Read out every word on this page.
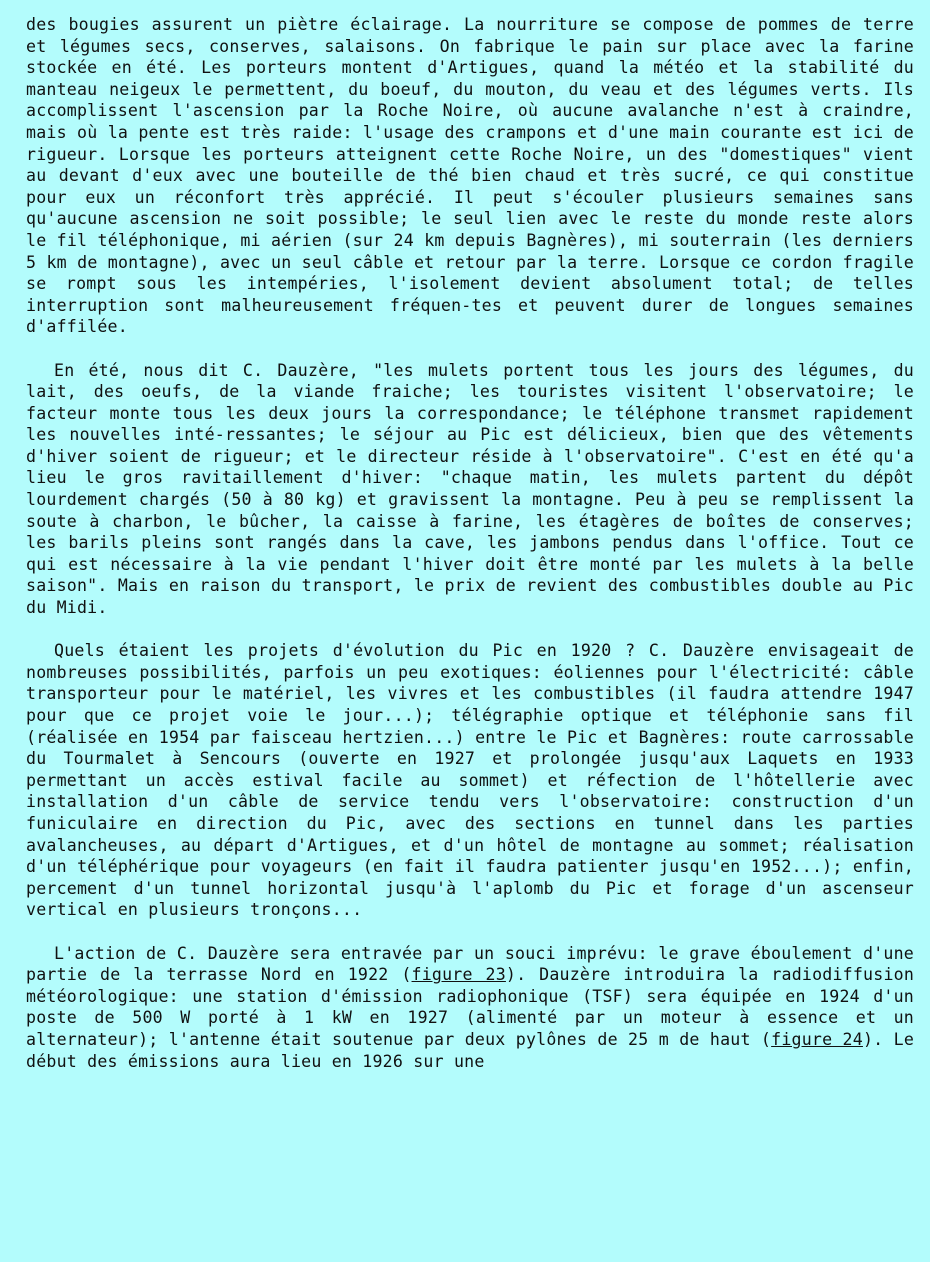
des bougies assurent un piètre éclairage. La nourriture se compose de pommes de terre et légumes secs, conserves, salaisons. On fabrique le pain sur place avec la farine stockée en été. Les porteurs montent d'Artigues, quand la météo et la stabilité du manteau neigeux le permettent, du boeuf, du mouton, du veau et des légumes verts. Ils accomplissent l'ascension par la Roche Noire, où aucune avalanche n'est à craindre, mais où la pente est très raide: l'usage des crampons et d'une main courante est ici de rigueur. Lorsque les porteurs atteignent cette Roche Noire, un des "domestiques" vient au devant d'eux avec une bouteille de thé bien chaud et très sucré, ce qui constitue pour eux un réconfort très apprécié. Il peut s'écouler plusieurs semaines sans qu'aucune ascension ne soit possible; le seul lien avec le reste du monde reste alors le fil téléphonique, mi aérien (sur 24 km depuis Bagnères), mi souterrain (les derniers 5 km de montagne), avec un seul câble et retour par la terre. Lorsque ce cordon fragile se rompt sous les intempéries, l'isolement devient absolument total; de telles interruption sont malheureusement fréquen-tes et peuvent durer de longues semaines d'affilée.

En été, nous dit C. Dauzère, "les mulets portent tous les jours des légumes, du lait, des oeufs, de la viande fraiche; les touristes visitent l'observatoire; le facteur monte tous les deux jours la correspondance; le téléphone transmet rapidement les nouvelles inté-ressantes; le séjour au Pic est délicieux, bien que des vêtements d'hiver soient de rigueur; et le directeur réside à l'observatoire". C'est en été qu'a lieu le gros ravitaillement d'hiver: "chaque matin, les mulets partent du dépôt lourdement chargés (50 à 80 kg) et gravissent la montagne. Peu à peu se remplissent la soute à charbon, le bûcher, la caisse à farine, les étagères de boîtes de conserves; les barils pleins sont rangés dans la cave, les jambons pendus dans l'office. Tout ce qui est nécessaire à la vie pendant l'hiver doit être monté par les mulets à la belle saison". Mais en raison du transport, le prix de revient des combustibles double au Pic du Midi.

Quels étaient les projets d'évolution du Pic en 1920 ? C. Dauzère envisageait de nombreuses possibilités, parfois un peu exotiques: éoliennes pour l'électricité: câble transporteur pour le matériel, les vivres et les combustibles (il faudra attendre 1947 pour que ce projet voie le jour...); télégraphie optique et téléphonie sans fil (réalisée en 1954 par faisceau hertzien...) entre le Pic et Bagnères: route carrossable du Tourmalet à Sencours (ouverte en 1927 et prolongée jusqu'aux Laquets en 1933 permettant un accès estival facile au sommet) et réfection de l'hôtellerie avec installation d'un câble de service tendu vers l'observatoire: construction d'un funiculaire en direction du Pic, avec des sections en tunnel dans les parties avalancheuses, au départ d'Artigues, et d'un hôtel de montagne au sommet; réalisation d'un téléphérique pour voyageurs (en fait il faudra patienter jusqu'en 1952...); enfin, percement d'un tunnel horizontal jusqu'à l'aplomb du Pic et forage d'un ascenseur vertical en plusieurs tronçons...

L'action de C. Dauzère sera entravée par un souci imprévu: le grave éboulement d'une partie de la terrasse Nord en 1922 (figure 23). Dauzère introduira la radiodiffusion météorologique: une station d'émission radiophonique (TSF) sera équipée en 1924 d'un poste de 500 W porté à 1 kW en 1927 (alimenté par un moteur à essence et un alternateur); l'antenne était soutenue par deux pylônes de 25 m de haut (figure 24). Le début des émissions aura lieu en 1926 sur une
